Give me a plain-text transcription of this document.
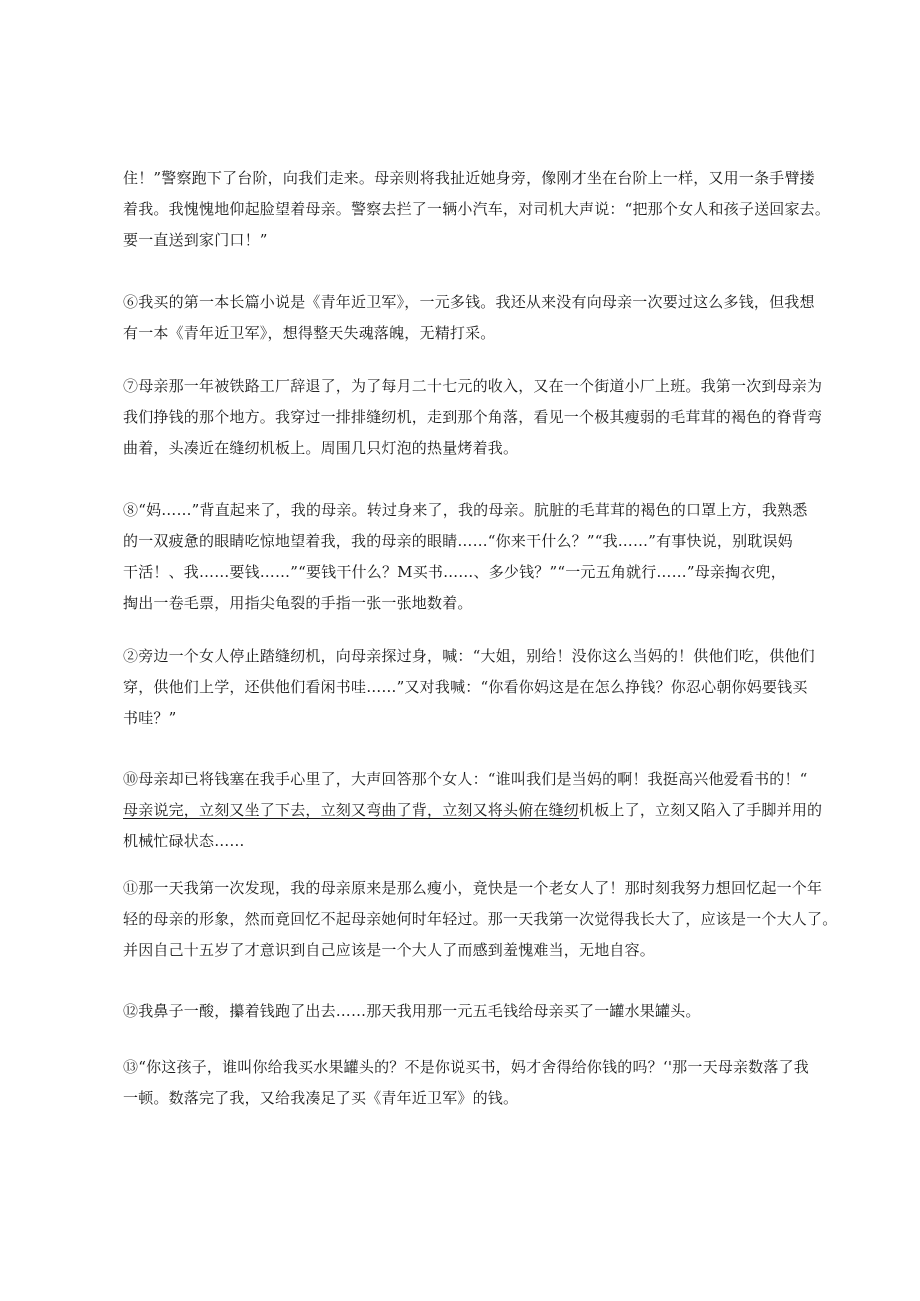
住！”警察跑下了台阶，向我们走来。母亲则将我扯近她身旁，像刚才坐在台阶上一样，又用一条手臂搂
着我。我愧愧地仰起脸望着母亲。警察去拦了一辆小汽车，对司机大声说：“把那个女人和孩子送回家去。
要一直送到家门口！”

⑥我买的第一本长篇小说是《青年近卫军》，一元多钱。我还从来没有向母亲一次要过这么多钱，但我想
有一本《青年近卫军》，想得整天失魂落魄，无精打采。

⑦母亲那一年被铁路工厂辞退了，为了每月二十七元的收入，又在一个街道小厂上班。我第一次到母亲为
我们挣钱的那个地方。我穿过一排排缝纫机，走到那个角落，看见一个极其瘦弱的毛茸茸的褐色的脊背弯
曲着，头凑近在缝纫机板上。周围几只灯泡的热量烤着我。

⑧“妈……”背直起来了，我的母亲。转过身来了，我的母亲。肮脏的毛茸茸的褐色的口罩上方，我熟悉
的一双疲惫的眼睛吃惊地望着我，我的母亲的眼睛……“你来干什么？”“我……”有事快说，别耽误妈
干活！、我……要钱……”“要钱干什么？M买书……、多少钱？”“一元五角就行……”母亲掏衣兜，
掏出一卷毛票，用指尖龟裂的手指一张一张地数着。

②旁边一个女人停止踏缝纫机，向母亲探过身，喊：“大姐，别给！没你这么当妈的！供他们吃，供他们
穿，供他们上学，还供他们看闲书哇……”又对我喊：“你看你妈这是在怎么挣钱？你忍心朝你妈要钱买
书哇？”

⑩母亲却已将钱塞在我手心里了，大声回答那个女人：“谁叫我们是当妈的啊！我挺高兴他爱看书的！“
母亲说完，立刻又坐了下去，立刻又弯曲了背，立刻又将头俯在缝纫机板上了，立刻又陷入了手脚并用的
机械忙碌状态……

⑪那一天我第一次发现，我的母亲原来是那么瘦小，竟快是一个老女人了！那时刻我努力想回忆起一个年
轻的母亲的形象，然而竟回忆不起母亲她何时年轻过。那一天我第一次觉得我长大了，应该是一个大人了。
并因自己十五岁了才意识到自己应该是一个大人了而感到羞愧难当，无地自容。

⑫我鼻子一酸，攥着钱跑了出去……那天我用那一元五毛钱给母亲买了一罐水果罐头。

⑬“你这孩子，谁叫你给我买水果罐头的？不是你说买书，妈才舍得给你钱的吗？‘'那一天母亲数落了我
一顿。数落完了我，又给我凑足了买《青年近卫军》的钱。
